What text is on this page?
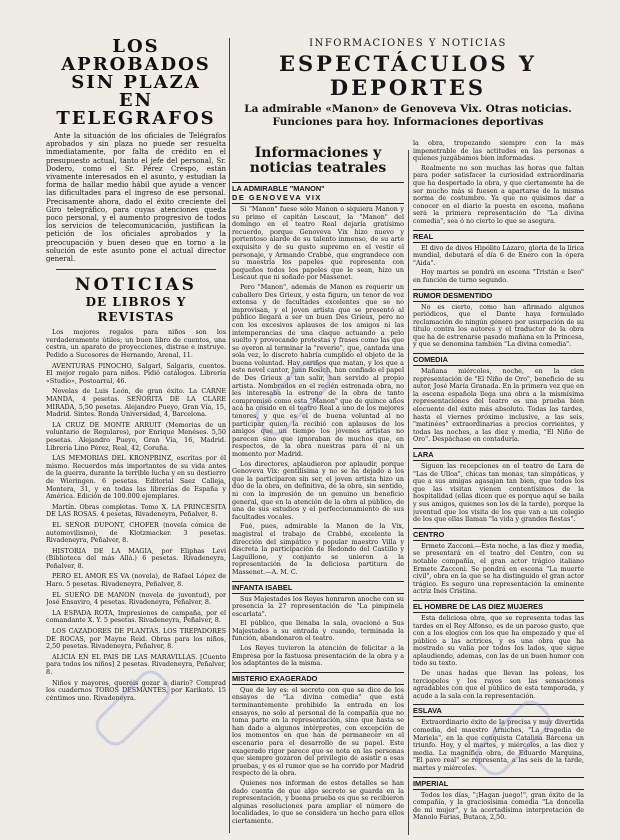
LOS APROBADOS

SIN PLAZA

EN TELEGRAFOS

Ante la situación de los oficiales de Telégrafos aprobados y sin plaza no puede ser resuelta inmediatamente, por falta de crédito en el presupuesto actual, tanto el jefe del personal, Sr. Dodero, como el Sr. Pérez Crespo, están vivamente interesados en el asunto, y estudian la forma de hallar medio hábil que ayude a vencer las dificultades para el ingreso de ese personal. Precisamente ahora, dado el éxito creciente del Giro telegráfico, para cuyas atenciones queda poco personal, y el aumento progresivo de todos los servicios de telecomunicación, justifican la petición de los oficiales aprobados y la preocupación y buen deseo que en torno a la solución de este asunto pone el actual director general.

NOTICIAS

DE LIBROS Y REVISTAS

Los mejores regalos para niños son los verdaderamente útiles; un buen libro de cuentos, una cestra, un aparato de proyecciones, distrae e instruye. Pedido a Sucesores de Hernando, Arenal, 11.

AVENTURAS PINOCHO, Salgarl, Salgaris, cuentos. El mejor regalo para niños. Pidió catálogos. Librería «Studio», Postoarral, 46.

Novelas de Luis León, de gran éxito. La CARNE MANDA, 4 pesetas. SEÑORITA DE LA CLARE MIRADA, 5,50 pesetas. Alejandro Pueyo, Gran Vía, 15, Madrid. Sintes. Ronda Universidad, 4, Barcelona.

LA CRUZ DE MONTE ARRUIT (Memorias de un voluntario de Regulares), por Enrique Menéses. 5,50 pesetas. Alejandro Pueyo, Gran Vía, 16, Madrid. Librería Lino Pérez, Real, 42, Coruña.

LAS MEMORIAS DEL KRONPRINZ, escritas por él mismo. Recuerdos más importantes de su vida antes de la guerra, durante la terrible lucha y en su destierro de Wieringen. 6 pesetas. Editorial Saez Calleja, Montera, 31, y en todas las librerías de España y América. Edición de 100.000 ejemplares.

Martín. Obras completas. Tomo X. LA PRINCESITA DE LAS ROSAS. 4 pesetas, Rivadeneyra, Peñalver, 8.

EL SEÑOR DUPONT, CHOFER (novela cómica de automovilismo), de Klotzmacker. 3 pesetas. Rivadeneyra, Peñalver, 8.

HISTORIA DE LA MAGIA, por Eliphas Levi (Biblioteca del más Allá.) 6 pesetas. Rivadeneyra, Peñalver, 8.

PERO EL AMOR ES VA (novela), de Rafael López de Haro. 5 pesetas. Rivadeneyra, Peñalver, 8.

EL SUEÑO DE MANON (novela de juventud), por José Ensaviro, 4 pesetas. Rivadeneyra, Peñalver, 8.

LA ESPADA ROTA, Impresiones de campaña, por el comandante X. Y. 5 pesetas. Rivadeneyra, Peñalver, 8.

LOS CAZADORES DE PLANTAS. LOS TREPADORES DE ROCAS, por Mayne Reid. Obras para los niños, 2,50 pesetas. Rivadeneyra, Peñalver, 8.

ALICIA EN EL PAIS DE LAS MARAVILLAS. [Cuento para todos los niños] 2 pesetas. Rivadeneyra, Peñalver, 8.

Niños y mayores, queréis gozar a diario? Comprad los cuadernos TOROS DESMANTES, por Karikato. 15 céntimos uno. Rivadeneyra.

INFORMACIONES Y NOTICIAS

ESPECTÁCULOS Y DEPORTES

La admirable «Manon» de Genoveva Vix. Otras noticias. Funciones para hoy. Informaciones deportivas

Informaciones y noticias teatrales

LA ADMIRABLE "MANON"
DE GENOVEVA VIX

Si "Manon" fuese sólo Manon o siquiera Manon y su primo el capitán Lescaut, la "Manon" del domingo en el teatro Real dejaría gratísimo recuerdo, porque Genoveva Vix hizo nuevo y portentoso alarde de su talento inmenso, de su arte exquisito y de su gusto supremo en el vestir el personaje, y Armando Crabbé, que engrandece con su maestría los papeles que representa con pequeños todos los papeles que le sean, hizo un Lescaut que ni soñado por Massenet.

Pero "Manon", además de Manon es requerir un caballero Des Grieux, y esta figura, un tenor de voz extensa y de facultades excelentes que se no improvisan, y el joven artista que se presentó al público llegará a ser un buen Des Grieux, pero no con los excesivos aplausos de los amigos ni las intemperancias de una claque actuando a pelo suelto y provocando protestas y frases como las que se oyeron al terminar la "reverie", que, cantada una sola vez, lo discreto habría cumplido el objeto de la buena voluntad. Hay cariños que matan, y los que a este novel cantor, Juan Rosich, han confiado el papel de Des Grieux a tan salir, han servido al propio artista. Nombrados en el recién estrenada obra, no les interesaba la estreno de la obra de tanto compromiso como esta "Manon" que de quince años acá ha cosido en el teatro Real a uno de los mejores tenores, y que es el de buena voluntad al no participar quien la recibió con aplausos de los amigos que un tiempo los jóvenes artistas no parecen sino que ignoraban de muchos que, en respectos, de la obra nuestras para él ni un momento por Madrid.

Los directores, aplaudieron por aplaudir, porque Genoveva Vix: gentilísima y no se ha dejado a los que la participaron sin ser, el joven artista hizo un dúo de la obra, en definitiva, de la obra, sin sentido, ni con la impresión de un genuino un beneficio general, que en la atención de la obra al público, de una de sus estudios y el perfeccionamiento de sus facultades vocales.

Fué, pues, admirable la Manon de la Vix, magistral el trabajo de Crabbé, excelente la dirección del simpático y popular maestro Villa y discreta la participación de Redondo del Castillo y Laguillone, y conjunto se unieron a la representación de la deliciosa partitura de Massenet.—A. M. C.

INFANTA ISABEL

Sus Majestades los Reyes honraron anoche con su presencia la 27 representación de "La pimpinela escarlata".

El público, que llenaba la sala, ovacionó a Sus Majestades a su entrada y cuando, terminada la función, abandonaron el teatro.

Los Reyes tuvieron la atención de felicitar a la Empresa por la fastuosa presentación de la obra y a los adaptantes de la misma.

MISTERIO EXAGERADO

Que de ley es: el secreto con que se dice de los ensayos de "La divina comedia" que está terminantemente prohibido la entrada en los ensayos, no solo al personal de la compañía que no toma parte en la representación, sino que hasta se han dado a algunos intérpretes, con excepción de los momentos en que han de permanecer en el escenario para el desarrollo de su papel. Este exagerado rigor parece que se nota en las personas que siempre gozaron del privilegio de asistir a esas pruebas, y es el rumor que se ha corrido por Madrid respecto de la obra.

Quienes nos informan de estos detalles se han dado cuenta de que algo secreto se guarda en la representación, y buena prueba es que se recibieron algunas resoluciones para ampliar el número de localidades, lo que se considera un hecho para ellos ciertamente.

la obra, tropezando siempre con la más impenetrable de las actitudes en las personas a quienes juzgábamos bien informadas.

Realmente no son muchas las horas que faltan para poder satisfacer la curiosidad extraordinaria que ha despertado la obra, y que ciertamente ha de ser mucho más si fuesen a apartarse de la misma norma de costumbre. Ya que no quisimos dar a conocer en el diario la puesta en escena, mañana será la primera representación de "La divina comedia", sea ó no cierto lo que se asegura.

REAL

El divo de divos Hipólito Lázaro, gloria de la lírica mundial, debutará el día 6 de Enero con la ópera "Aida".

Hoy martes se pondrá en escena "Tristán e Iseo" en función de turno segundo.

RUMOR DESMENTIDO

No es cierto, como han afirmado algunos periódicos, que el Dante haya formulado reclamación de ningún género por usurpación de su título contra los autores y el traductor de la obra que ha de estrenarse pasado mañana en la Princesa, y que se denomina también "La divina comedia".

COMEDIA

Mañana miércoles, noche, en la cien representación de "El Niño de Oro", beneficio de su autor, José María Granada. En la primera vez que en la escena española llega una obra a la mismísima representaciones del teatro es una prueba bien elocuente del éxito más absoluto. Todas las tardes, hasta el viernes próximo inclusive, a las seis, "matinées" extraordinarias a precios corrientes, y todas las noches, a las diez y media, "El Niño de Oro". Despáchase en contaduría.

LARA

Siguen las recepciones en el teatro de Lara de "Las de Ulloa", chicas tan monas, tan simpáticas, y que a sus amigas agasajan tan bien, que todos los que las visitan vienen contentísimos de la hospitalidad (ellas dicen que es porque aquí se baila y sus amigos, quienes son los de la tarde), porque la juventud que los visita de los que van a un colegio de los que ellas llaman "la vida y grandes fiestas".

CENTRO

Ermete Zacconi.—Esta noche, a las diez y media, se presentará en el teatro del Centro, con su notable compañía, el gran actor trágico italiano Ermete Zacconi. Se pondrá en escena "La muerte civil", obra en la que se ha distinguido el gran actor trágico. Es seguro una representación la eminente actriz Inés Cristina.

EL HOMBRE DE LAS DIEZ MUJERES

Esta deliciosa obra, que se representa todas las tardes en el Rey Alfonso, es de un paroso gusto, que con a los elogios con los que ha empezado y que el público a las actrices, y es una obra que ha mostrado su valía por todos los lados, que sigue aplaudiendo, ademas, con las de un buen humor con todo su texto.

De unas hadas que llevan las poleas, los terciopelos y los rayos son las sensaciones agradables con que el público de esta temporada, y acude a la sala con la representación.

ESLAVA

Extraordinario éxito de la precisa y muy divertida comedia, del maestro Arniches, "La tragedia de Mariela", en la que conquista Catalina Bárcena un triunfo. Hoy, y el martes, y miércoles, a las diez y media. La magnífica obra, de Eduardo Marquina, "El pavo real" se representa, a las seis de la tarde, martes y miércoles.

IMPERIAL

Todos los días, "¡Hagan juego!", gran éxito de la compañía, y la graciosísima comedia "La doncella de mi mujer", y la acertadísima interpretación de Manolo Farias, Butaca, 2,50.
